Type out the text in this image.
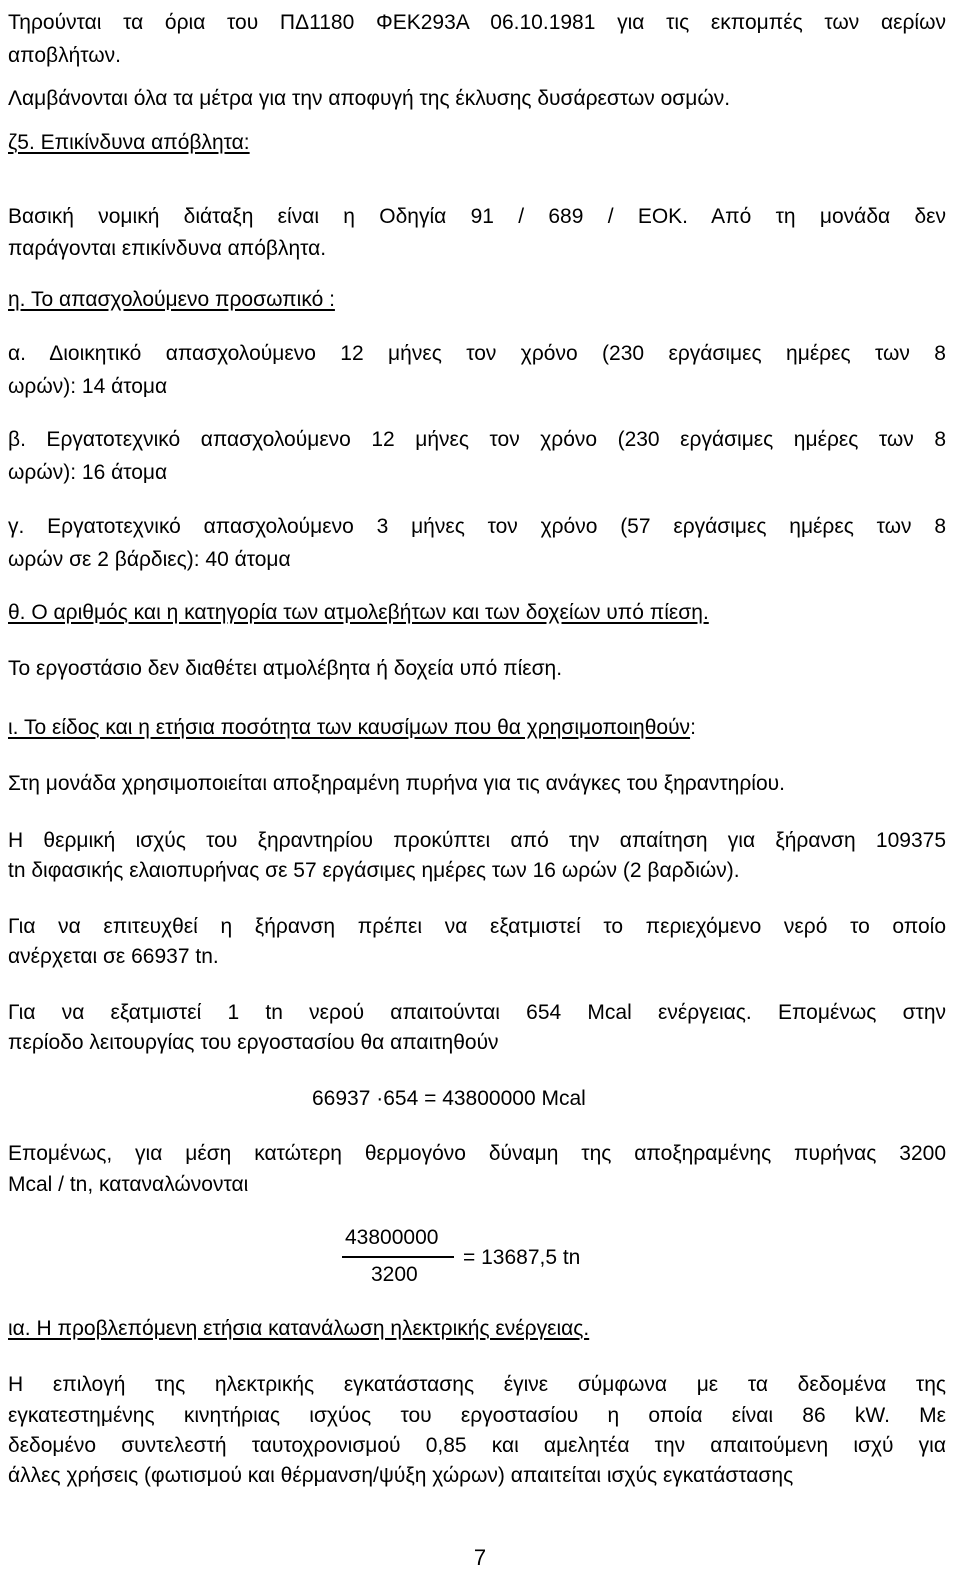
Τηρούνται τα όρια του ΠΔ1180 ΦΕΚ293Α 06.10.1981 για τις εκπομπές των αερίων
αποβλήτων.
Λαμβάνονται όλα τα μέτρα για την αποφυγή της έκλυσης δυσάρεστων οσμών.
ζ5. Επικίνδυνα απόβλητα:
Βασική νομική διάταξη είναι η Οδηγία 91 / 689 / ΕΟΚ. Από τη μονάδα δεν
παράγονται επικίνδυνα απόβλητα.
η. Το απασχολούμενο προσωπικό :
α. Διοικητικό απασχολούμενο 12 μήνες τον χρόνο (230 εργάσιμες ημέρες των 8
ωρών): 14 άτομα
β. Εργατοτεχνικό απασχολούμενο 12 μήνες τον χρόνο (230 εργάσιμες ημέρες των 8
ωρών): 16 άτομα
γ. Εργατοτεχνικό απασχολούμενο 3 μήνες τον χρόνο (57 εργάσιμες ημέρες των 8
ωρών σε 2 βάρδιες): 40 άτομα
θ. Ο αριθμός και η κατηγορία των ατμολεβήτων και των δοχείων υπό πίεση.
Το εργοστάσιο δεν διαθέτει ατμολέβητα ή δοχεία υπό πίεση.
ι. Το είδος και η ετήσια ποσότητα των καυσίμων που θα χρησιμοποιηθούν:
Στη μονάδα χρησιμοποιείται αποξηραμένη πυρήνα για τις ανάγκες του ξηραντηρίου.
Η θερμική ισχύς του ξηραντηρίου προκύπτει από την απαίτηση για ξήρανση 109375
tn διφασικής ελαιοπυρήνας σε 57 εργάσιμες ημέρες των 16 ωρών (2 βαρδιών).
Για να επιτευχθεί η ξήρανση πρέπει να εξατμιστεί το περιεχόμενο νερό το οποίο
ανέρχεται σε 66937 tn.
Για να εξατμιστεί 1 tn νερού απαιτούνται 654 Mcal ενέργειας. Επομένως στην
περίοδο λειτουργίας του εργοστασίου θα απαιτηθούν
66937 ·654 = 43800000 Mcal
Επομένως, για μέση κατώτερη θερμογόνο δύναμη της αποξηραμένης πυρήνας 3200
Mcal / tn, καταναλώνονται
43800000
3200
= 13687,5 tn
ια. Η προβλεπόμενη ετήσια κατανάλωση ηλεκτρικής ενέργειας.
Η επιλογή της ηλεκτρικής εγκατάστασης έγινε σύμφωνα με τα δεδομένα της
εγκατεστημένης κινητήριας ισχύος του εργοστασίου η οποία είναι 86 kW. Με
δεδομένο συντελεστή ταυτοχρονισμού 0,85 και αμελητέα την απαιτούμενη ισχύ για
άλλες χρήσεις (φωτισμού και θέρμανση/ψύξη χώρων) απαιτείται ισχύς εγκατάστασης
7
